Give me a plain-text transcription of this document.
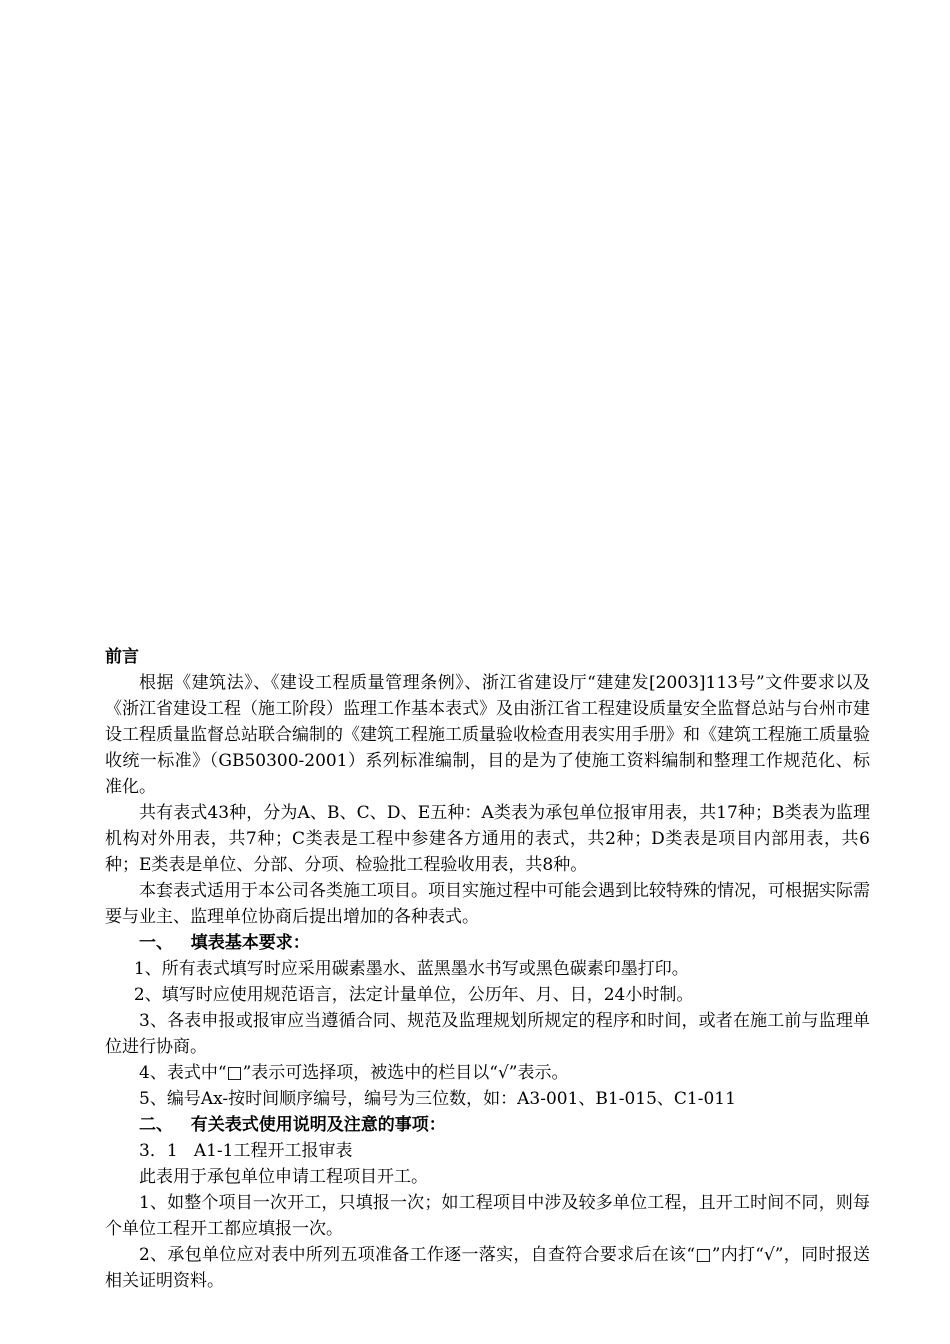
前言

根据《建筑法》、《建设工程质量管理条例》、浙江省建设厅“建建发[2003]113号”文件要求以及《浙江省建设工程（施工阶段）监理工作基本表式》及由浙江省工程建设质量安全监督总站与台州市建设工程质量监督总站联合编制的《建筑工程施工质量验收检查用表实用手册》和《建筑工程施工质量验收统一标准》（GB50300-2001）系列标准编制，目的是为了使施工资料编制和整理工作规范化、标准化。

共有表式43种，分为A、B、C、D、E五种：A类表为承包单位报审用表，共17种；B类表为监理机构对外用表，共7种；C类表是工程中参建各方通用的表式，共2种；D类表是项目内部用表，共6种；E类表是单位、分部、分项、检验批工程验收用表，共8种。

本套表式适用于本公司各类施工项目。项目实施过程中可能会遇到比较特殊的情况，可根据实际需要与业主、监理单位协商后提出增加的各种表式。

一、   填表基本要求：

1、所有表式填写时应采用碳素墨水、蓝黑墨水书写或黑色碳素印墨打印。

2、填写时应使用规范语言，法定计量单位，公历年、月、日，24小时制。

3、各表申报或报审应当遵循合同、规范及监理规划所规定的程序和时间，或者在施工前与监理单位进行协商。

4、表式中“□”表示可选择项，被选中的栏目以“√”表示。

5、编号Ax-按时间顺序编号，编号为三位数，如：A3-001、B1-015、C1-011

二、   有关表式使用说明及注意的事项：

3．1   A1-1工程开工报审表

此表用于承包单位申请工程项目开工。

1、如整个项目一次开工，只填报一次；如工程项目中涉及较多单位工程，且开工时间不同，则每个单位工程开工都应填报一次。

2、承包单位应对表中所列五项准备工作逐一落实，自查符合要求后在该“□”内打“√”，同时报送相关证明资料。
